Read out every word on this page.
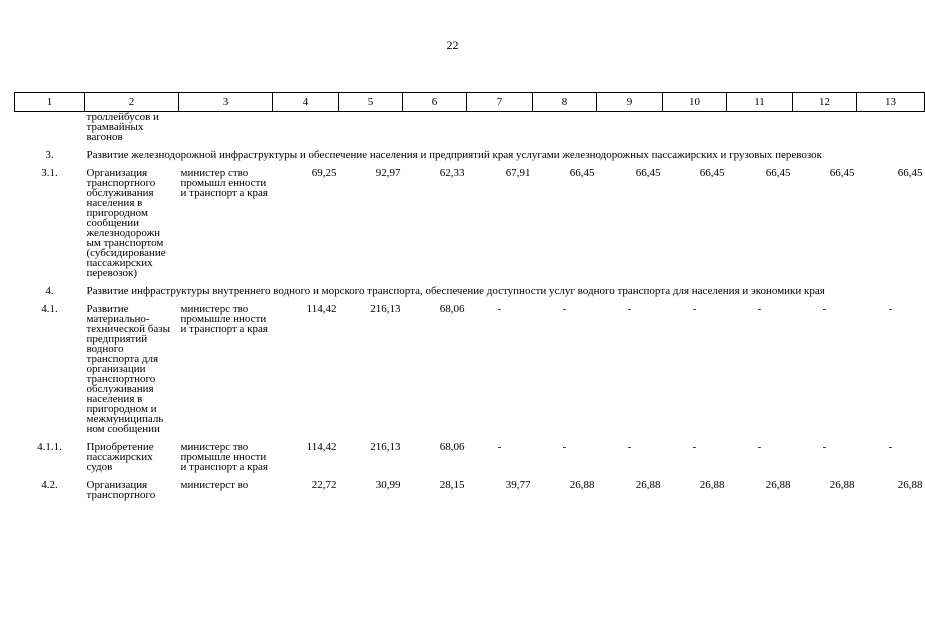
22
1	2	3	4	5	6	7	8	9	10	11	12	13
	троллейбусов и трамвайных вагонов											

3.	Развитие железнодорожной инфраструктуры и обеспечение населения и предприятий края услугами железнодорожных пассажирских и грузовых перевозок											

3.1.	Организация транспортного обслуживания населения в пригородном сообщении железнодорожн ым транспортом (субсидирование пассажирских перевозок)	министер ство промышл енности и транспорт а края	69,25	92,97	62,33	67,91	66,45	66,45	66,45	66,45	66,45	66,45

4.	Развитие инфраструктуры внутреннего водного и морского транспорта, обеспечение доступности услуг водного транспорта для населения и экономики края											

4.1.	Развитие материально-технической базы предприятий водного транспорта для организации транспортного обслуживания населения в пригородном и межмуниципаль ном сообщении	министерс тво промышле нности и транспорт а края	114,42	216,13	68,06	-	-	-	-	-	-	-

4.1.1.	Приобретение пассажирских судов	министерс тво промышле нности и транспорт а края	114,42	216,13	68,06	-	-	-	-	-	-	-

4.2.	Организация транспортного	министерст во	22,72	30,99	28,15	39,77	26,88	26,88	26,88	26,88	26,88	26,88
